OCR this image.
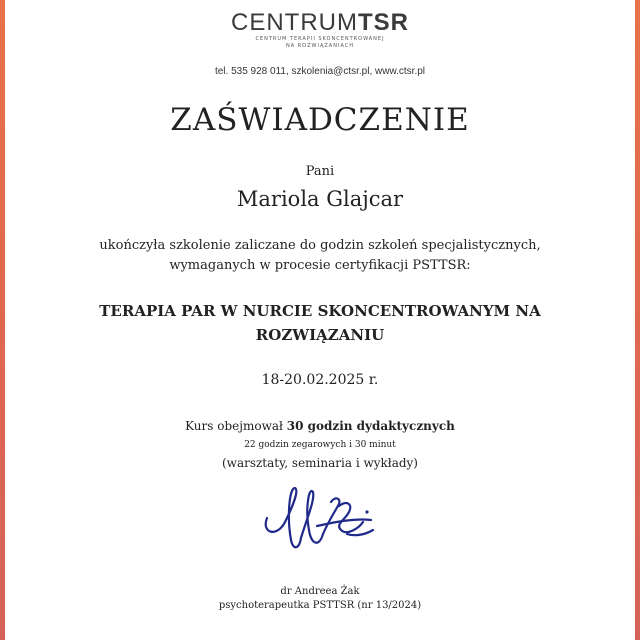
CENTRUMTSR
CENTRUM TERAPII SKONCENTROWANEJ
NA ROZWIĄZANIACH
tel. 535 928 011, szkolenia@ctsr.pl, www.ctsr.pl
ZAŚWIADCZENIE
Pani
Mariola Glajcar
ukończyła szkolenie zaliczane do godzin szkoleń specjalistycznych,
wymaganych w procesie certyfikacji PSTTSR:
TERAPIA PAR W NURCIE SKONCENTROWANYM NA
ROZWIĄZANIU
18-20.02.2025 r.
Kurs obejmował 30 godzin dydaktycznych
22 godzin zegarowych i 30 minut
(warsztaty, seminaria i wykłady)
dr Andreea Żak
psychoterapeutka PSTTSR (nr 13/2024)
